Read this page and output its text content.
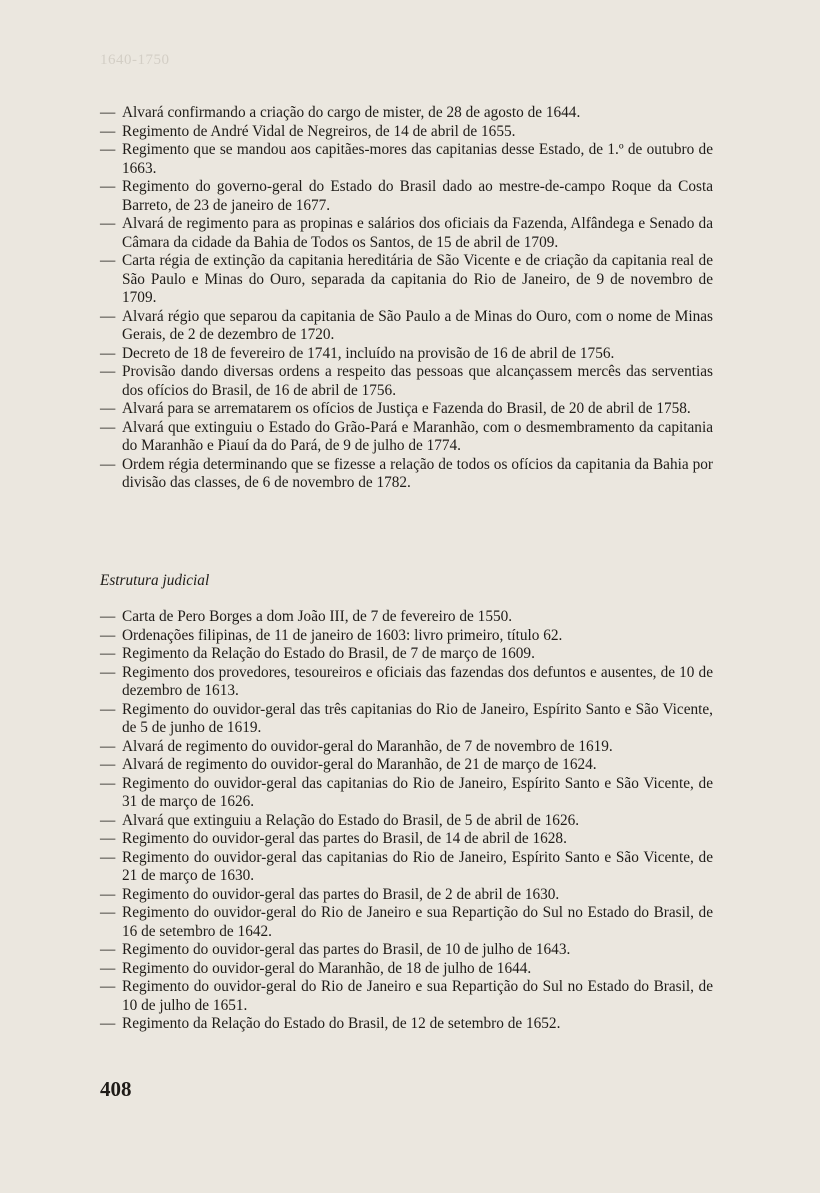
1640-1750

— Alvará confirmando a criação do cargo de mister, de 28 de agosto de 1644.

— Regimento de André Vidal de Negreiros, de 14 de abril de 1655.

— Regimento que se mandou aos capitães-mores das capitanias desse Estado, de 1.º de outubro de 1663.

— Regimento do governo-geral do Estado do Brasil dado ao mestre-de-campo Roque da Costa Barreto, de 23 de janeiro de 1677.

— Alvará de regimento para as propinas e salários dos oficiais da Fazenda, Alfândega e Senado da Câmara da cidade da Bahia de Todos os Santos, de 15 de abril de 1709.

— Carta régia de extinção da capitania hereditária de São Vicente e de criação da capitania real de São Paulo e Minas do Ouro, separada da capitania do Rio de Janeiro, de 9 de novembro de 1709.

— Alvará régio que separou da capitania de São Paulo a de Minas do Ouro, com o nome de Minas Gerais, de 2 de dezembro de 1720.

— Decreto de 18 de fevereiro de 1741, incluído na provisão de 16 de abril de 1756.

— Provisão dando diversas ordens a respeito das pessoas que alcançassem mercês das serventias dos ofícios do Brasil, de 16 de abril de 1756.

— Alvará para se arrematarem os ofícios de Justiça e Fazenda do Brasil, de 20 de abril de 1758.

— Alvará que extinguiu o Estado do Grão-Pará e Maranhão, com o desmembramento da capitania do Maranhão e Piauí da do Pará, de 9 de julho de 1774.

— Ordem régia determinando que se fizesse a relação de todos os ofícios da capitania da Bahia por divisão das classes, de 6 de novembro de 1782.

Estrutura judicial

— Carta de Pero Borges a dom João III, de 7 de fevereiro de 1550.

— Ordenações filipinas, de 11 de janeiro de 1603: livro primeiro, título 62.

— Regimento da Relação do Estado do Brasil, de 7 de março de 1609.

— Regimento dos provedores, tesoureiros e oficiais das fazendas dos defuntos e ausentes, de 10 de dezembro de 1613.

— Regimento do ouvidor-geral das três capitanias do Rio de Janeiro, Espírito Santo e São Vicente, de 5 de junho de 1619.

— Alvará de regimento do ouvidor-geral do Maranhão, de 7 de novembro de 1619.

— Alvará de regimento do ouvidor-geral do Maranhão, de 21 de março de 1624.

— Regimento do ouvidor-geral das capitanias do Rio de Janeiro, Espírito Santo e São Vicente, de 31 de março de 1626.

— Alvará que extinguiu a Relação do Estado do Brasil, de 5 de abril de 1626.

— Regimento do ouvidor-geral das partes do Brasil, de 14 de abril de 1628.

— Regimento do ouvidor-geral das capitanias do Rio de Janeiro, Espírito Santo e São Vicente, de 21 de março de 1630.

— Regimento do ouvidor-geral das partes do Brasil, de 2 de abril de 1630.

— Regimento do ouvidor-geral do Rio de Janeiro e sua Repartição do Sul no Estado do Brasil, de 16 de setembro de 1642.

— Regimento do ouvidor-geral das partes do Brasil, de 10 de julho de 1643.

— Regimento do ouvidor-geral do Maranhão, de 18 de julho de 1644.

— Regimento do ouvidor-geral do Rio de Janeiro e sua Repartição do Sul no Estado do Brasil, de 10 de julho de 1651.

— Regimento da Relação do Estado do Brasil, de 12 de setembro de 1652.

408
